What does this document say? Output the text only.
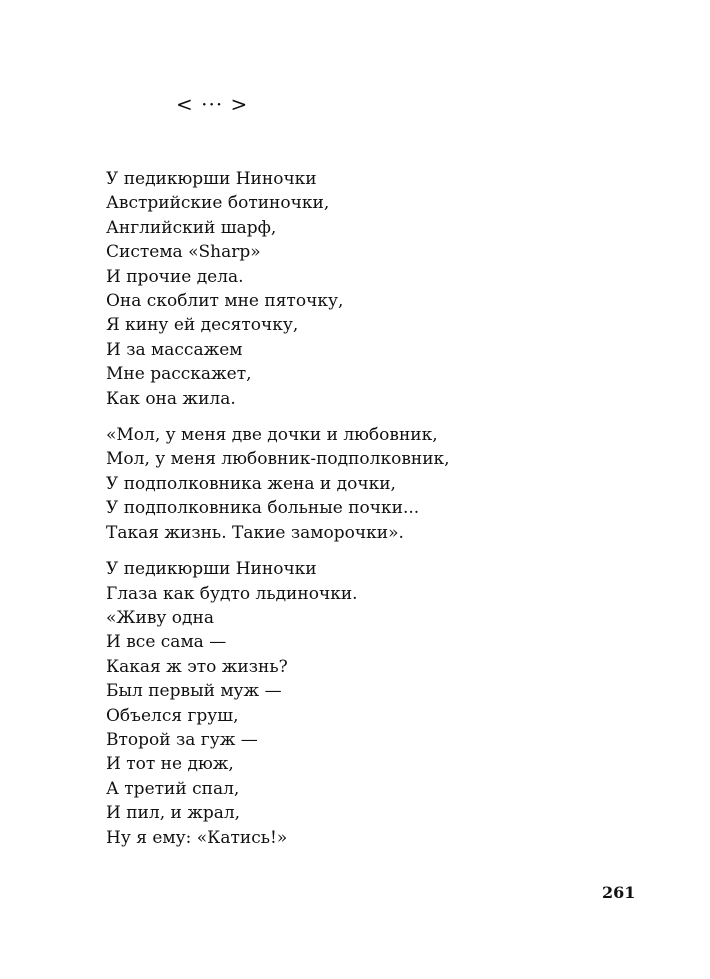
< ··· >
У педикюрши Ниночки
Австрийские ботиночки,
Английский шарф,
Система «Sharp»
И прочие дела.
Она скоблит мне пяточку,
Я кину ей десяточку,
И за массажем
Мне расскажет,
Как она жила.
«Мол, у меня две дочки и любовник,
Мол, у меня любовник-подполковник,
У подполковника жена и дочки,
У подполковника больные почки...
Такая жизнь. Такие заморочки».
У педикюрши Ниночки
Глаза как будто льдиночки.
«Живу одна
И все сама —
Какая ж это жизнь?
Был первый муж —
Объелся груш,
Второй за гуж —
И тот не дюж,
А третий спал,
И пил, и жрал,
Ну я ему: «Катись!»
261
